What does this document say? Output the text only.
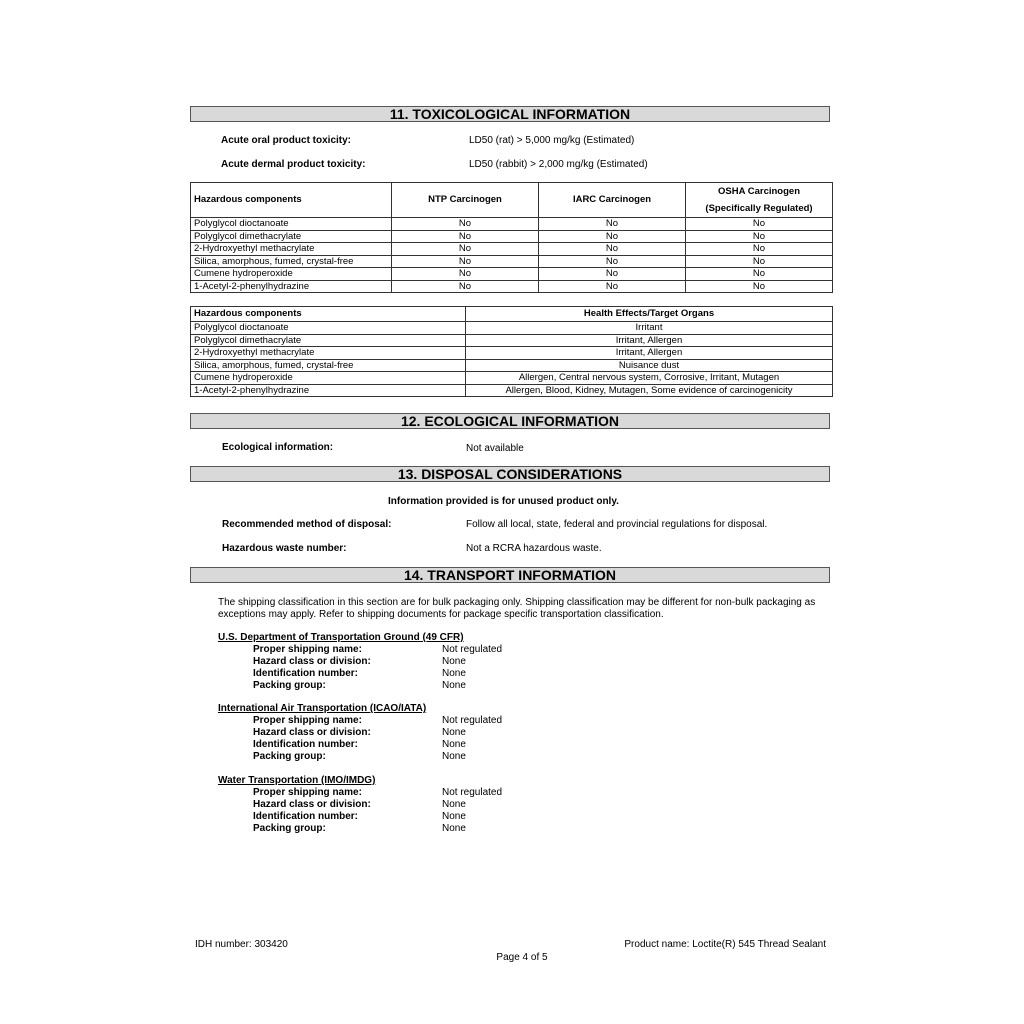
11. TOXICOLOGICAL INFORMATION
Acute oral product toxicity:	LD50 (rat) > 5,000 mg/kg (Estimated)
Acute dermal product toxicity:	LD50 (rabbit) > 2,000 mg/kg (Estimated)
Hazardous components	NTP Carcinogen	IARC Carcinogen	OSHA Carcinogen
(Specifically Regulated)

Polyglycol dioctanoate	No	No	No
Polyglycol dimethacrylate	No	No	No
2-Hydroxyethyl methacrylate	No	No	No
Silica, amorphous, fumed, crystal-free	No	No	No
Cumene hydroperoxide	No	No	No
1-Acetyl-2-phenylhydrazine	No	No	No
Hazardous components	Health Effects/Target Organs
Polyglycol dioctanoate	Irritant
Polyglycol dimethacrylate	Irritant, Allergen
2-Hydroxyethyl methacrylate	Irritant, Allergen
Silica, amorphous, fumed, crystal-free	Nuisance dust
Cumene hydroperoxide	Allergen, Central nervous system, Corrosive, Irritant, Mutagen
1-Acetyl-2-phenylhydrazine	Allergen, Blood, Kidney, Mutagen, Some evidence of carcinogenicity
12. ECOLOGICAL INFORMATION
Ecological information:	Not available
13. DISPOSAL CONSIDERATIONS
Information provided is for unused product only.
Recommended method of disposal:	Follow all local, state, federal and provincial regulations for disposal.
Hazardous waste number:	Not a RCRA hazardous waste.
14. TRANSPORT INFORMATION
The shipping classification in this section are for bulk packaging only. Shipping classification may be different for non-bulk packaging as exceptions may apply. Refer to shipping documents for package specific transportation classification.
U.S. Department of Transportation Ground (49 CFR)
Proper shipping name:	Not regulated
Hazard class or division:	None
Identification number:	None
Packing group:	None
International Air Transportation (ICAO/IATA)
Proper shipping name:	Not regulated
Hazard class or division:	None
Identification number:	None
Packing group:	None
Water Transportation (IMO/IMDG)
Proper shipping name:	Not regulated
Hazard class or division:	None
Identification number:	None
Packing group:	None
IDH number: 303420	Product name: Loctite(R) 545 Thread Sealant
Page 4 of 5
